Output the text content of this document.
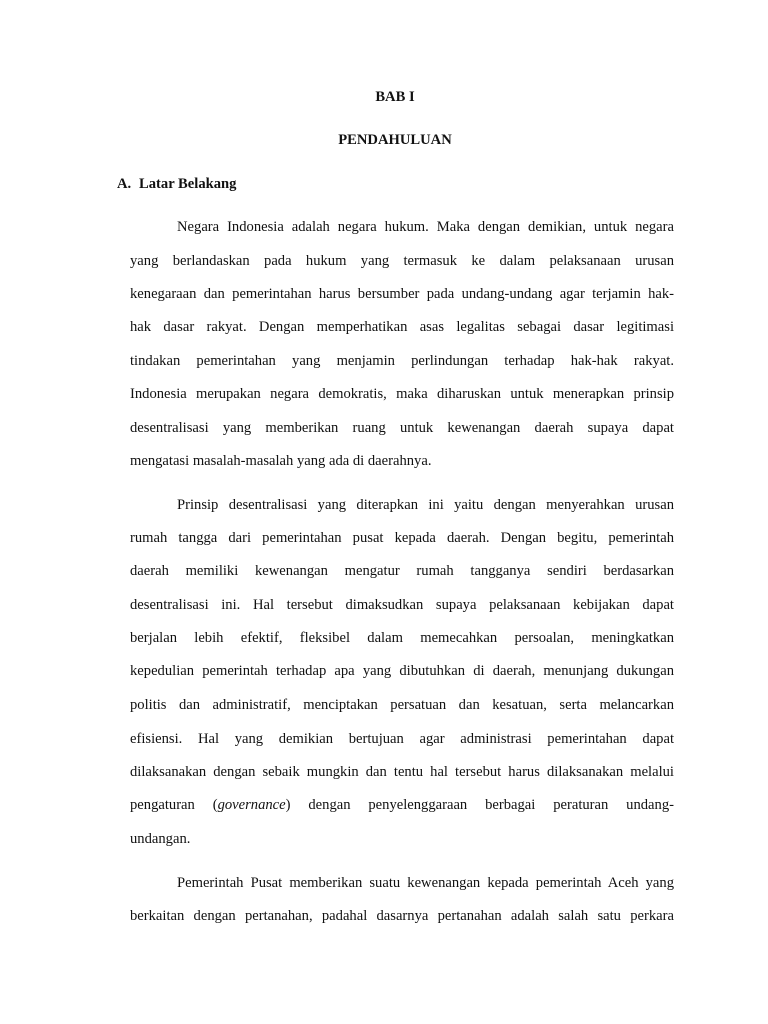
BAB I
PENDAHULUAN
A. Latar Belakang
Negara Indonesia adalah negara hukum. Maka dengan demikian, untuk negara
yang berlandaskan pada hukum yang termasuk ke dalam pelaksanaan urusan
kenegaraan dan pemerintahan harus bersumber pada undang-undang agar terjamin hak-
hak dasar rakyat. Dengan memperhatikan asas legalitas sebagai dasar legitimasi
tindakan pemerintahan yang menjamin perlindungan terhadap hak-hak rakyat.
Indonesia merupakan negara demokratis, maka diharuskan untuk menerapkan prinsip
desentralisasi yang memberikan ruang untuk kewenangan daerah supaya dapat
mengatasi masalah-masalah yang ada di daerahnya.
Prinsip desentralisasi yang diterapkan ini yaitu dengan menyerahkan urusan
rumah tangga dari pemerintahan pusat kepada daerah. Dengan begitu, pemerintah
daerah memiliki kewenangan mengatur rumah tangganya sendiri berdasarkan
desentralisasi ini. Hal tersebut dimaksudkan supaya pelaksanaan kebijakan dapat
berjalan lebih efektif, fleksibel dalam memecahkan persoalan, meningkatkan
kepedulian pemerintah terhadap apa yang dibutuhkan di daerah, menunjang dukungan
politis dan administratif, menciptakan persatuan dan kesatuan, serta melancarkan
efisiensi. Hal yang demikian bertujuan agar administrasi pemerintahan dapat
dilaksanakan dengan sebaik mungkin dan tentu hal tersebut harus dilaksanakan melalui
pengaturan (governance) dengan penyelenggaraan berbagai peraturan undang-
undangan.
Pemerintah Pusat memberikan suatu kewenangan kepada pemerintah Aceh yang
berkaitan dengan pertanahan, padahal dasarnya pertanahan adalah salah satu perkara
